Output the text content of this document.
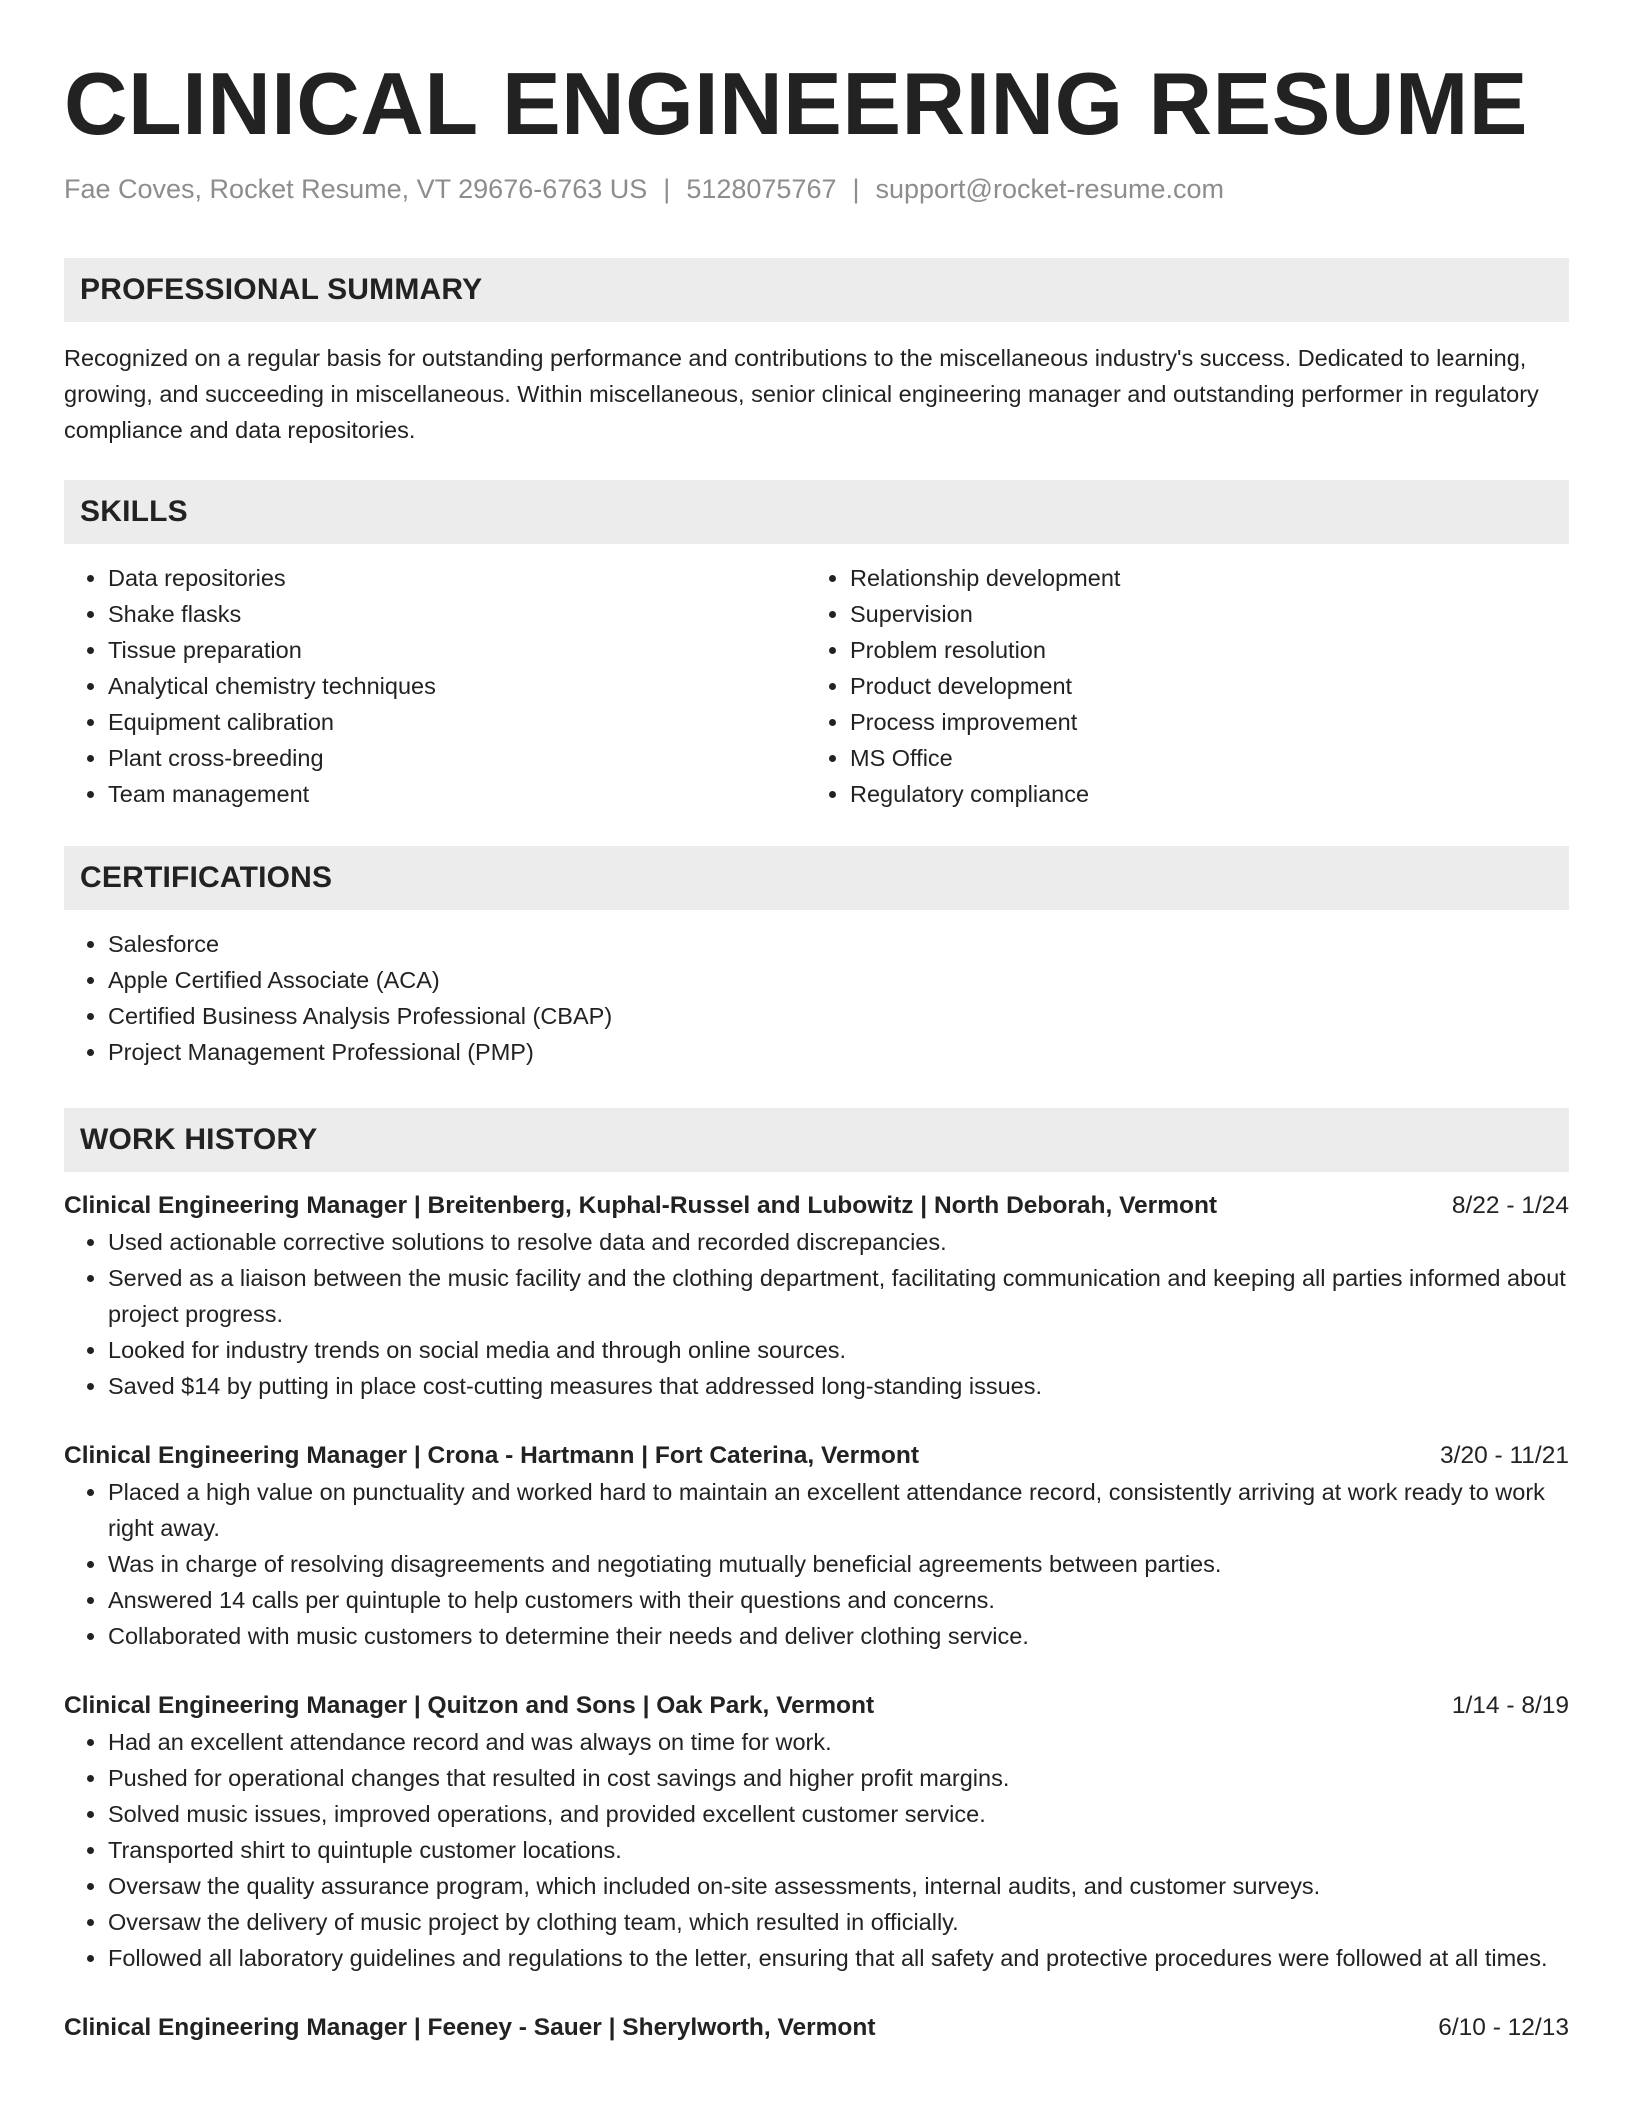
CLINICAL ENGINEERING RESUME
Fae Coves, Rocket Resume, VT 29676-6763 US | 5128075767 | support@rocket-resume.com
PROFESSIONAL SUMMARY

Recognized on a regular basis for outstanding performance and contributions to the miscellaneous industry's success. Dedicated to learning, growing, and succeeding in miscellaneous. Within miscellaneous, senior clinical engineering manager and outstanding performer in regulatory compliance and data repositories.

SKILLS
• Data repositories
• Shake flasks
• Tissue preparation
• Analytical chemistry techniques
• Equipment calibration
• Plant cross-breeding
• Team management
• Relationship development
• Supervision
• Problem resolution
• Product development
• Process improvement
• MS Office
• Regulatory compliance
CERTIFICATIONS
• Salesforce
• Apple Certified Associate (ACA)
• Certified Business Analysis Professional (CBAP)
• Project Management Professional (PMP)
WORK HISTORY
Clinical Engineering Manager | Breitenberg, Kuphal-Russel and Lubowitz | North Deborah, Vermont	8/22 - 1/24
• Used actionable corrective solutions to resolve data and recorded discrepancies.
• Served as a liaison between the music facility and the clothing department, facilitating communication and keeping all parties informed about project progress.
• Looked for industry trends on social media and through online sources.
• Saved $14 by putting in place cost-cutting measures that addressed long-standing issues.
Clinical Engineering Manager | Crona - Hartmann | Fort Caterina, Vermont	3/20 - 11/21
• Placed a high value on punctuality and worked hard to maintain an excellent attendance record, consistently arriving at work ready to work right away.
• Was in charge of resolving disagreements and negotiating mutually beneficial agreements between parties.
• Answered 14 calls per quintuple to help customers with their questions and concerns.
• Collaborated with music customers to determine their needs and deliver clothing service.
Clinical Engineering Manager | Quitzon and Sons | Oak Park, Vermont	1/14 - 8/19
• Had an excellent attendance record and was always on time for work.
• Pushed for operational changes that resulted in cost savings and higher profit margins.
• Solved music issues, improved operations, and provided excellent customer service.
• Transported shirt to quintuple customer locations.
• Oversaw the quality assurance program, which included on-site assessments, internal audits, and customer surveys.
• Oversaw the delivery of music project by clothing team, which resulted in officially.
• Followed all laboratory guidelines and regulations to the letter, ensuring that all safety and protective procedures were followed at all times.
Clinical Engineering Manager | Feeney - Sauer | Sherylworth, Vermont	6/10 - 12/13
